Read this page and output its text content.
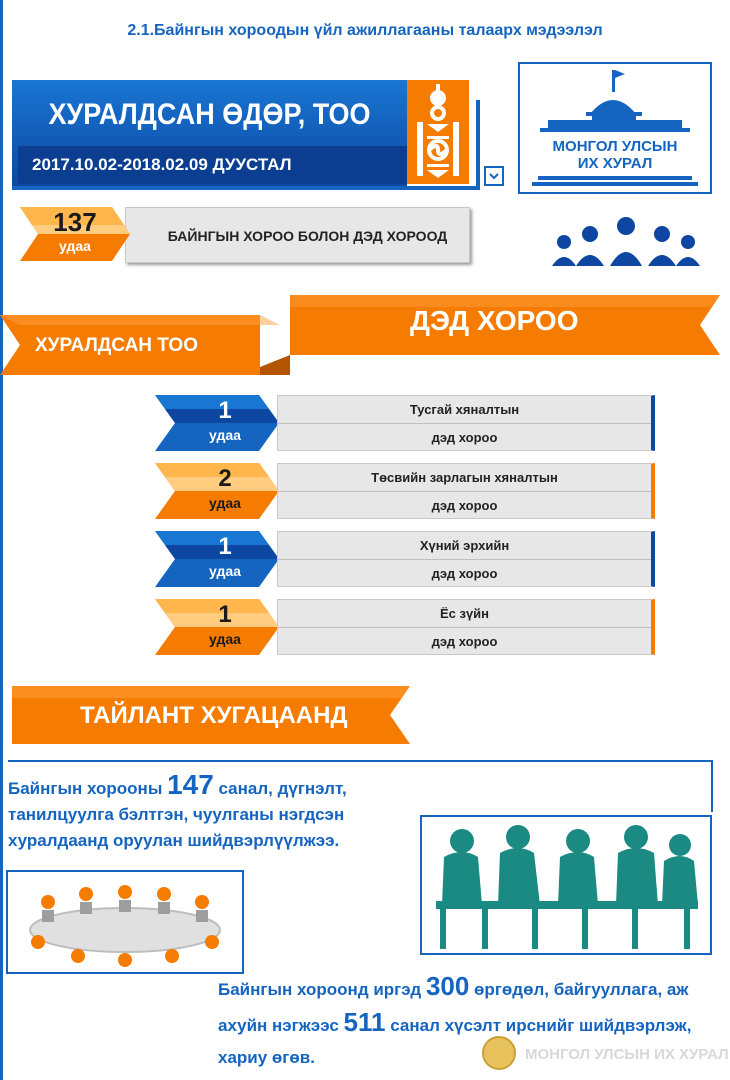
2.1.Байнгын хороодын үйл ажиллагааны талаарх мэдээлэл
ХУРАЛДСАН ӨДӨР, ТОО
2017.10.02-2018.02.09 ДУУСТАЛ
МОНГОЛ УЛСЫН
ИХ ХУРАЛ
БАЙНГЫН ХОРОО БОЛОН ДЭД ХОРООД
137
удаа
ХУРАЛДСАН ТОО
ДЭД ХОРОО
1
удаа
Тусгай хяналтын
дэд хороо
2
удаа
Төсвийн зарлагын хяналтын
дэд хороо
1
удаа
Хүний эрхийн
дэд хороо
1
удаа
Ёс зүйн
дэд хороо
ТАЙЛАНТ ХУГАЦААНД
Байнгын хорооны 147 санал, дүгнэлт, танилцуулга бэлтгэн, чуулганы нэгдсэн хуралдаанд оруулан шийдвэрлүүлжээ.
Байнгын хороонд иргэд 300 өргөдөл, байгууллага, аж ахуйн нэгжээс 511 санал хүсэлт ирснийг шийдвэрлэж, хариу өгөв.	МОНГОЛ УЛСЫН ИХ ХУРАЛ
